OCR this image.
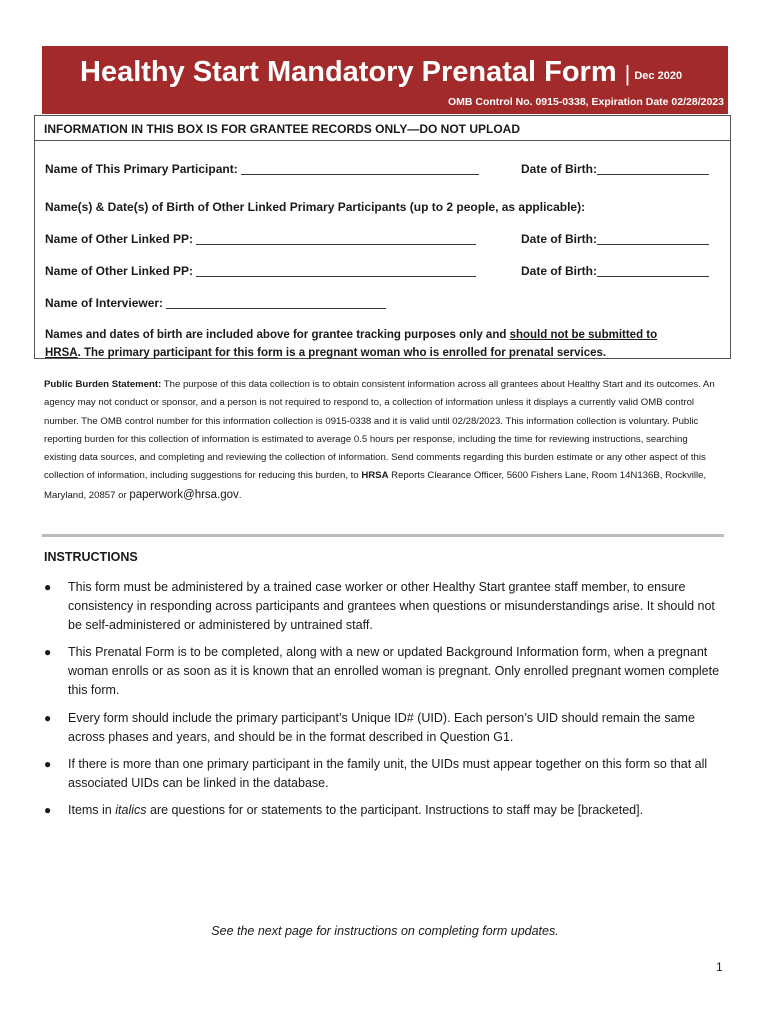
Healthy Start Mandatory Prenatal Form | Dec 2020
OMB Control No. 0915-0338, Expiration Date 02/28/2023
INFORMATION IN THIS BOX IS FOR GRANTEE RECORDS ONLY—DO NOT UPLOAD
Name of This Primary Participant:	Date of Birth:
Name(s) & Date(s) of Birth of Other Linked Primary Participants (up to 2 people, as applicable):
Name of Other Linked PP:	Date of Birth:
Name of Other Linked PP:	Date of Birth:
Name of Interviewer:
Names and dates of birth are included above for grantee tracking purposes only and should not be submitted to
HRSA. The primary participant for this form is a pregnant woman who is enrolled for prenatal services.
Public Burden Statement: The purpose of this data collection is to obtain consistent information across all grantees about Healthy Start and its outcomes. An agency may not conduct or sponsor, and a person is not required to respond to, a collection of information unless it displays a currently valid OMB control number. The OMB control number for this information collection is 0915-0338 and it is valid until 02/28/2023. This information collection is voluntary. Public reporting burden for this collection of information is estimated to average 0.5 hours per response, including the time for reviewing instructions, searching existing data sources, and completing and reviewing the collection of information. Send comments regarding this burden estimate or any other aspect of this collection of information, including suggestions for reducing this burden, to HRSA Reports Clearance Officer, 5600 Fishers Lane, Room 14N136B, Rockville, Maryland, 20857 or paperwork@hrsa.gov.
INSTRUCTIONS
● This form must be administered by a trained case worker or other Healthy Start grantee staff member, to ensure consistency in responding across participants and grantees when questions or misunderstandings arise. It should not be self-administered or administered by untrained staff.
● This Prenatal Form is to be completed, along with a new or updated Background Information form, when a pregnant woman enrolls or as soon as it is known that an enrolled woman is pregnant. Only enrolled pregnant women complete this form.
● Every form should include the primary participant’s Unique ID# (UID). Each person’s UID should remain the same across phases and years, and should be in the format described in Question G1.
● If there is more than one primary participant in the family unit, the UIDs must appear together on this form so that all associated UIDs can be linked in the database.
● Items in italics are questions for or statements to the participant. Instructions to staff may be [bracketed].
See the next page for instructions on completing form updates.
1
